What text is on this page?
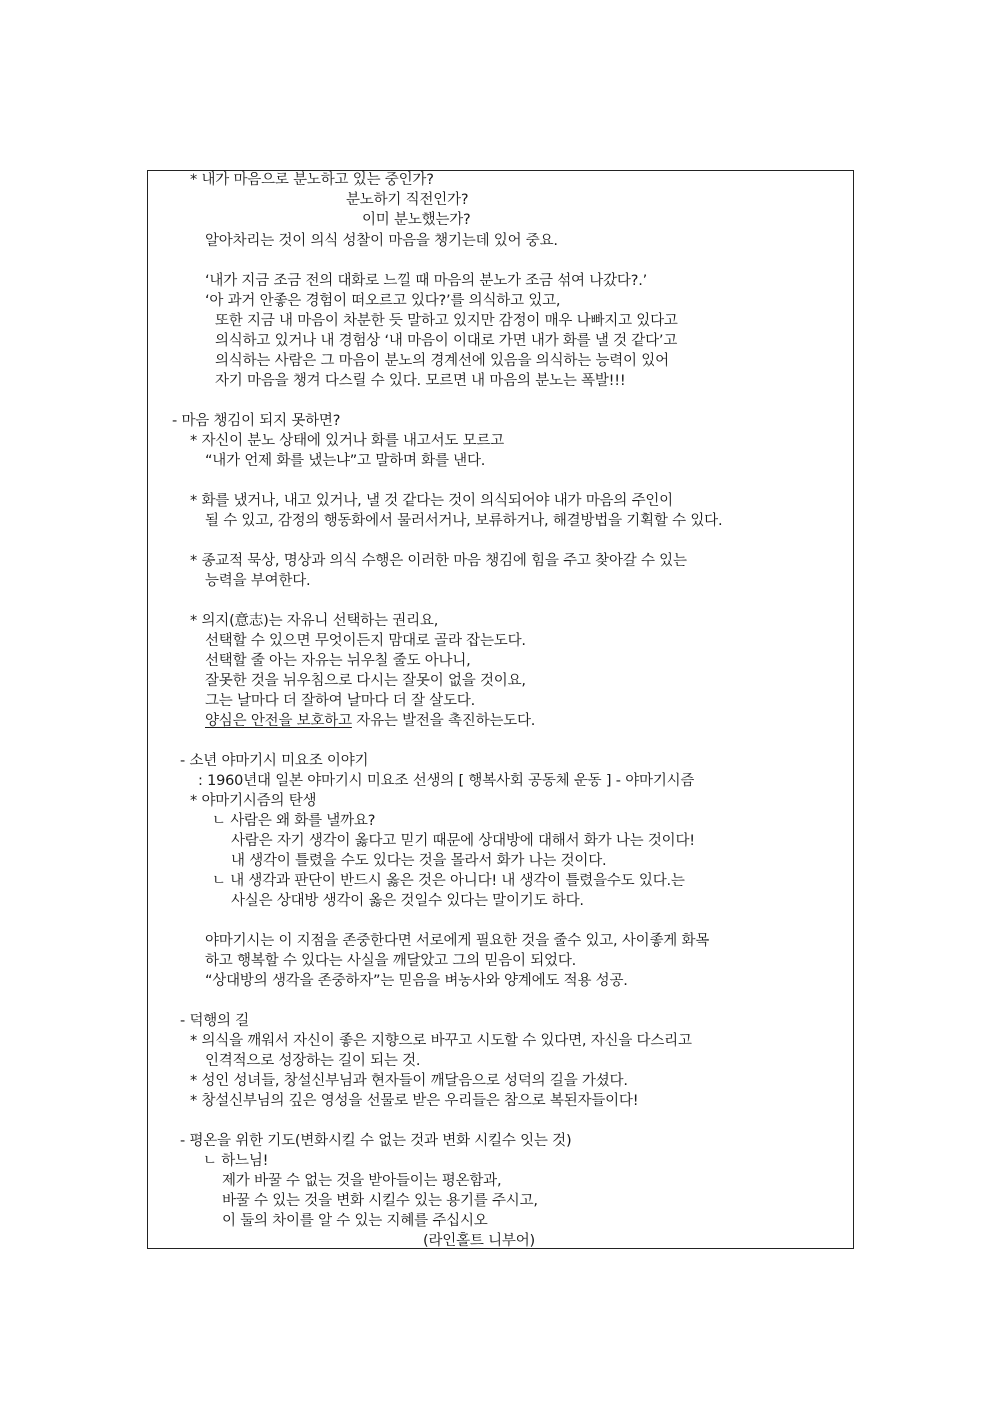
* 내가 마음으로 분노하고 있는 중인가?
분노하기 직전인가?
이미 분노했는가?
알아차리는 것이 의식 성찰이 마음을 챙기는데 있어 중요.
‘내가 지금 조금 전의 대화로 느낄 때 마음의 분노가 조금 섞여 나갔다?.’
‘아 과거 안좋은 경험이 떠오르고 있다?’를 의식하고 있고,
또한 지금 내 마음이 차분한 듯 말하고 있지만 감정이 매우 나빠지고 있다고
의식하고 있거나 내 경험상 ‘내 마음이 이대로 가면 내가 화를 낼 것 같다’고
의식하는 사람은 그 마음이 분노의 경계선에 있음을 의식하는 능력이 있어
자기 마음을 챙겨 다스릴 수 있다. 모르면 내 마음의 분노는 폭발!!!
- 마음 챙김이 되지 못하면?
* 자신이 분노 상태에 있거나 화를 내고서도 모르고
“내가 언제 화를 냈는냐”고 말하며 화를 낸다.
* 화를 냈거나, 내고 있거나, 낼 것 같다는 것이 의식되어야 내가 마음의 주인이
될 수 있고, 감정의 행동화에서 물러서거나, 보류하거나, 해결방법을 기획할 수 있다.
* 종교적 묵상, 명상과 의식 수행은 이러한 마음 챙김에 힘을 주고 찾아갈 수 있는
능력을 부여한다.
* 의지(意志)는 자유니 선택하는 권리요,
선택할 수 있으면 무엇이든지 맘대로 골라 잡는도다.
선택할 줄 아는 자유는 뉘우칠 줄도 아나니,
잘못한 것을 뉘우침으로 다시는 잘못이 없을 것이요,
그는 날마다 더 잘하여 날마다 더 잘 살도다.
양심은 안전을 보호하고 자유는 발전을 촉진하는도다.
- 소년 야마기시 미요조 이야기
: 1960년대 일본 야마기시 미요조 선생의 [ 행복사회 공동체 운동 ] - 야마기시즘
* 야마기시즘의 탄생
ㄴ 사람은 왜 화를 낼까요?
사람은 자기 생각이 옳다고 믿기 때문에 상대방에 대해서 화가 나는 것이다!
내 생각이 틀렸을 수도 있다는 것을 몰라서 화가 나는 것이다.
ㄴ 내 생각과 판단이 반드시 옳은 것은 아니다! 내 생각이 틀렸을수도 있다.는
사실은 상대방 생각이 옳은 것일수 있다는 말이기도 하다.
야마기시는 이 지점을 존중한다면 서로에게 필요한 것을 줄수 있고, 사이좋게 화목
하고 행복할 수 있다는 사실을 깨달았고 그의 믿음이 되었다.
“상대방의 생각을 존중하자”는 믿음을 벼농사와 양계에도 적용 성공.
- 덕행의 길
* 의식을 깨워서 자신이 좋은 지향으로 바꾸고 시도할 수 있다면, 자신을 다스리고
인격적으로 성장하는 길이 되는 것.
* 성인 성녀들, 창설신부님과 현자들이 깨달음으로 성덕의 길을 가셨다.
* 창설신부님의 깊은 영성을 선물로 받은 우리들은 참으로 복된자들이다!
- 평온을 위한 기도(변화시킬 수 없는 것과 변화 시킬수 잇는 것)
ㄴ 하느님!
제가 바꿀 수 없는 것을 받아들이는 평온함과,
바꿀 수 있는 것을 변화 시킬수 있는 용기를 주시고,
이 둘의 차이를 알 수 있는 지혜를 주십시오
(라인홀트 니부어)
